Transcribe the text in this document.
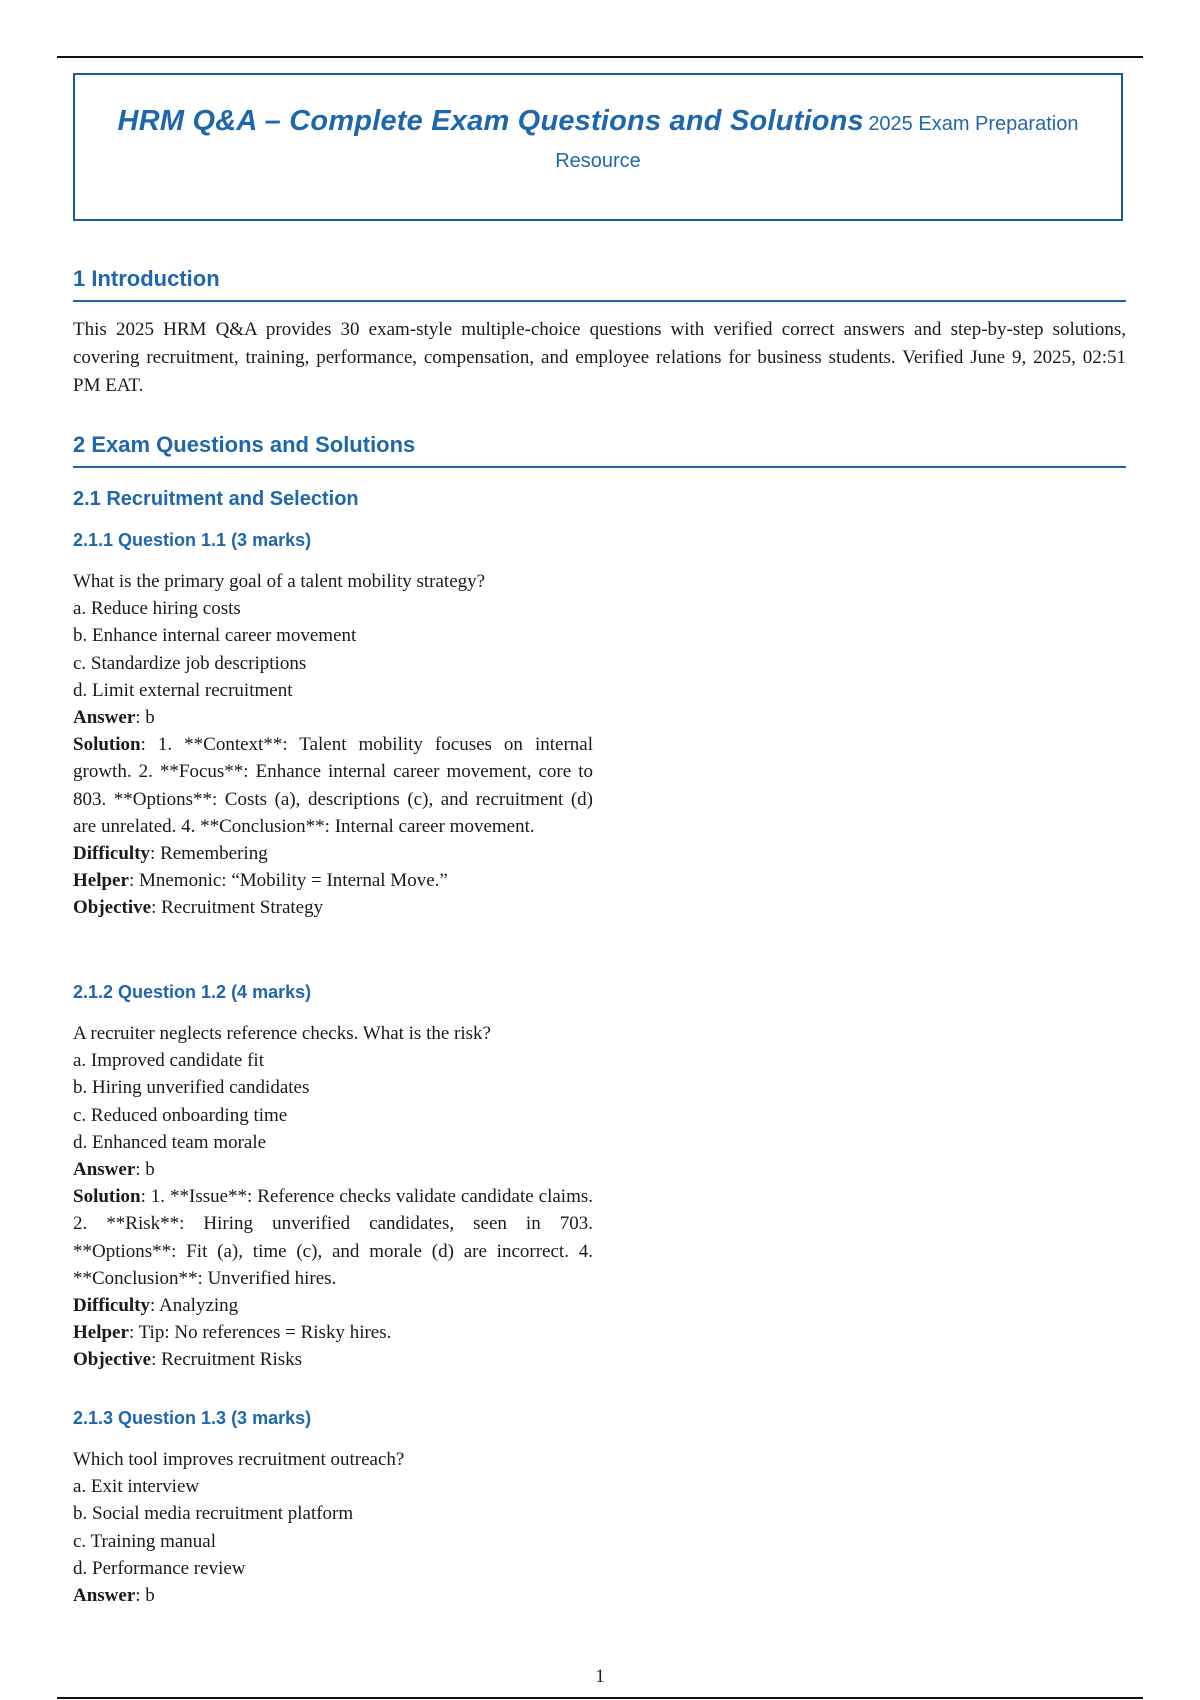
HRM Q&A – Complete Exam Questions and Solutions 2025 Exam Preparation
Resource
1 Introduction

This 2025 HRM Q&A provides 30 exam-style multiple-choice questions with verified correct answers and step-by-step solutions, covering recruitment, training, performance, compensation, and employee relations for business students. Verified June 9, 2025, 02:51 PM EAT.

2 Exam Questions and Solutions
2.1 Recruitment and Selection
2.1.1 Question 1.1 (3 marks)
What is the primary goal of a talent mobility strategy?
a. Reduce hiring costs
b. Enhance internal career movement
c. Standardize job descriptions
d. Limit external recruitment
Answer: b
Solution: 1. **Context**: Talent mobility focuses on internal growth. 2. **Focus**: Enhance internal career movement, core to 803. **Options**: Costs (a), descriptions (c), and recruitment (d) are unrelated. 4. **Conclusion**: Internal career movement.
Difficulty: Remembering
Helper: Mnemonic: “Mobility = Internal Move.”
Objective: Recruitment Strategy
2.1.2 Question 1.2 (4 marks)
A recruiter neglects reference checks. What is the risk?
a. Improved candidate fit
b. Hiring unverified candidates
c. Reduced onboarding time
d. Enhanced team morale
Answer: b
Solution: 1. **Issue**: Reference checks validate candidate claims. 2. **Risk**: Hiring unverified candidates, seen in 703. **Options**: Fit (a), time (c), and morale (d) are incorrect. 4. **Conclusion**: Unverified hires.
Difficulty: Analyzing
Helper: Tip: No references = Risky hires.
Objective: Recruitment Risks
2.1.3 Question 1.3 (3 marks)
Which tool improves recruitment outreach?
a. Exit interview
b. Social media recruitment platform
c. Training manual
d. Performance review
Answer: b
1
